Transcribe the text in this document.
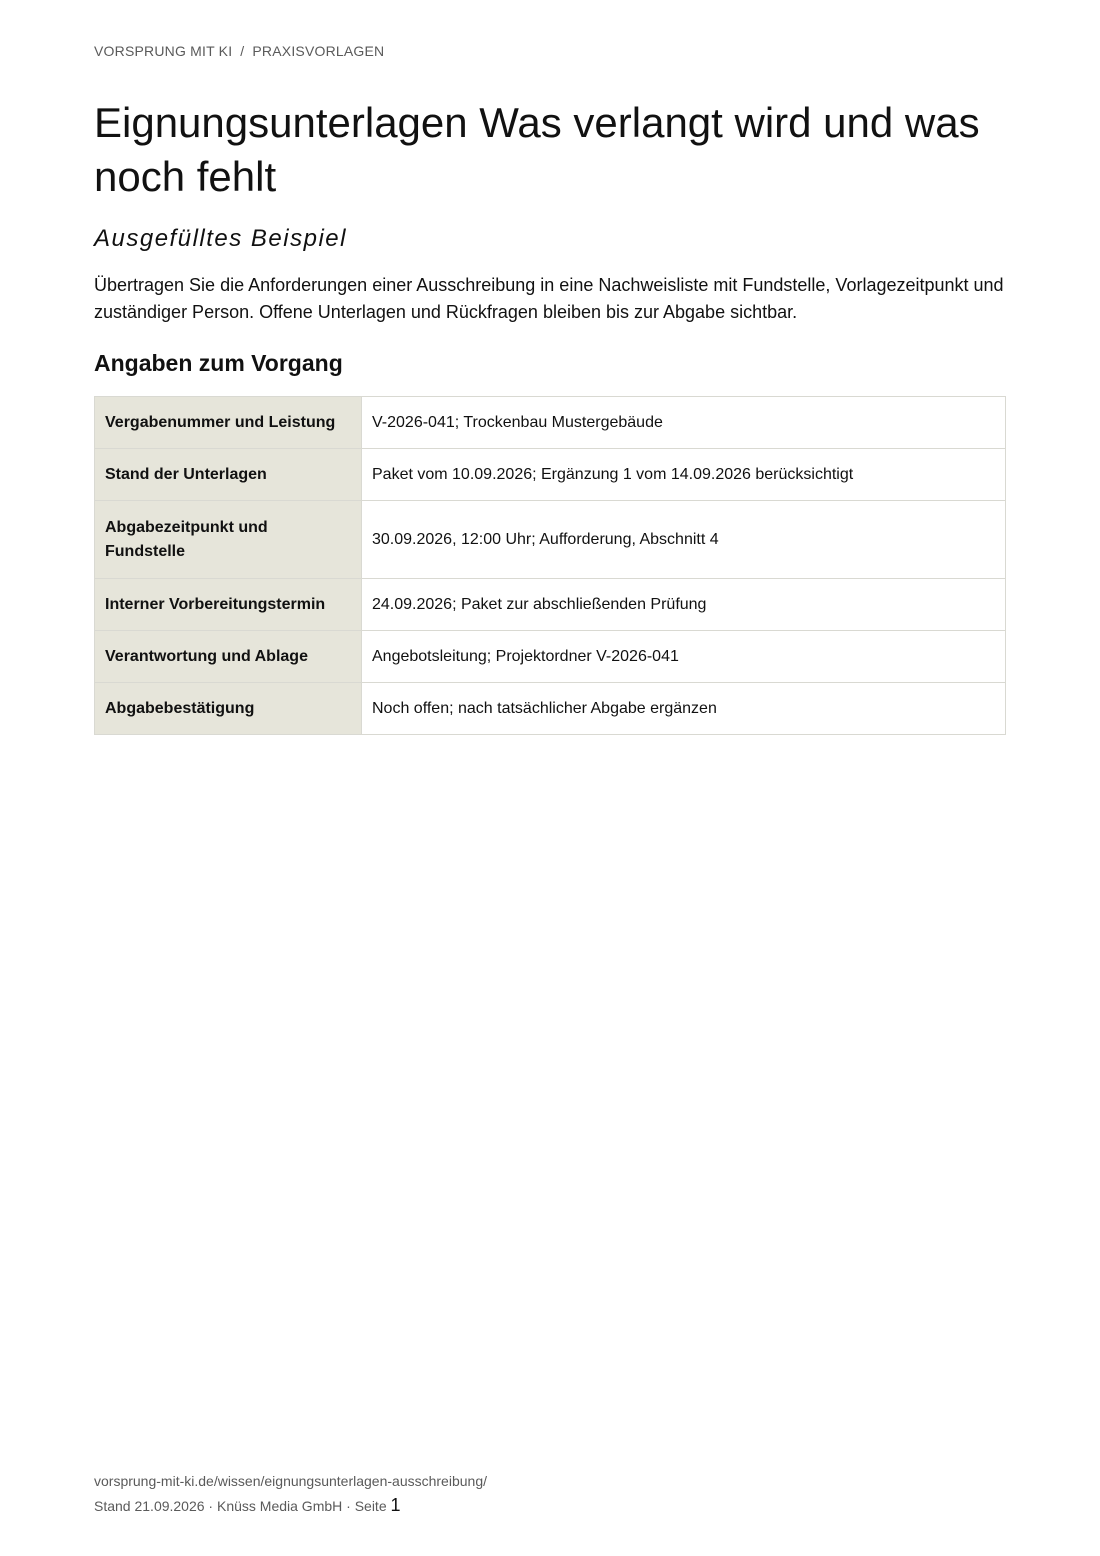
VORSPRUNG MIT KI / PRAXISVORLAGEN
Eignungsunterlagen Was verlangt wird und was noch fehlt
Ausgefülltes Beispiel

Übertragen Sie die Anforderungen einer Ausschreibung in eine Nachweisliste mit Fundstelle, Vorlagezeitpunkt und zuständiger Person. Offene Unterlagen und Rückfragen bleiben bis zur Abgabe sichtbar.

Angaben zum Vorgang
Vergabenummer und Leistung	V-2026-041; Trockenbau Mustergebäude
Stand der Unterlagen	Paket vom 10.09.2026; Ergänzung 1 vom 14.09.2026 berücksichtigt
Abgabezeitpunkt und Fundstelle	30.09.2026, 12:00 Uhr; Aufforderung, Abschnitt 4
Interner Vorbereitungstermin	24.09.2026; Paket zur abschließenden Prüfung
Verantwortung und Ablage	Angebotsleitung; Projektordner V-2026-041
Abgabebestätigung	Noch offen; nach tatsächlicher Abgabe ergänzen
vorsprung-mit-ki.de/wissen/eignungsunterlagen-ausschreibung/
Stand 21.09.2026 · Knüss Media GmbH · Seite 1
